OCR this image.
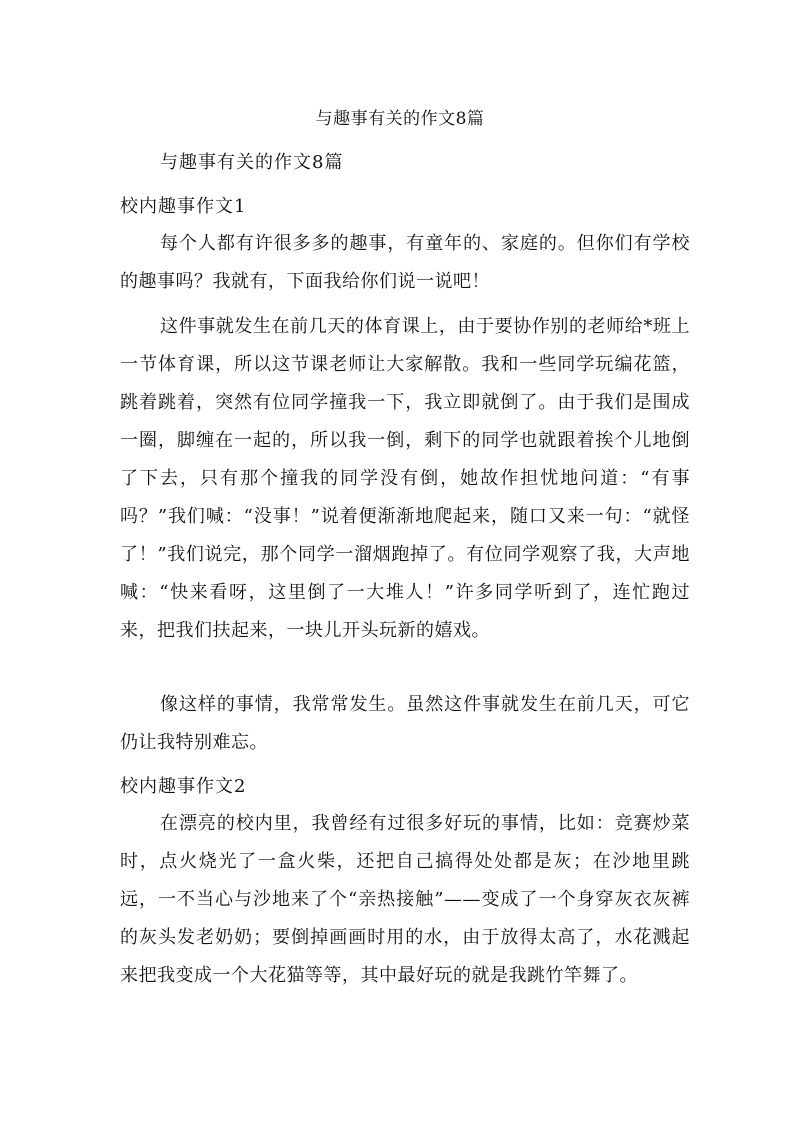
与趣事有关的作文8篇
与趣事有关的作文8篇
校内趣事作文1

每个人都有许很多多的趣事，有童年的、家庭的。但你们有学校的趣事吗？我就有，下面我给你们说一说吧！

这件事就发生在前几天的体育课上，由于要协作别的老师给*班上一节体育课，所以这节课老师让大家解散。我和一些同学玩编花篮，跳着跳着，突然有位同学撞我一下，我立即就倒了。由于我们是围成一圈，脚缠在一起的，所以我一倒，剩下的同学也就跟着挨个儿地倒了下去，只有那个撞我的同学没有倒，她故作担忧地问道：“有事吗？”我们喊：“没事！”说着便渐渐地爬起来，随口又来一句：“就怪了！”我们说完，那个同学一溜烟跑掉了。有位同学观察了我，大声地喊：“快来看呀，这里倒了一大堆人！”许多同学听到了，连忙跑过来，把我们扶起来，一块儿开头玩新的嬉戏。

像这样的事情，我常常发生。虽然这件事就发生在前几天，可它仍让我特别难忘。

校内趣事作文2

在漂亮的校内里，我曾经有过很多好玩的事情，比如：竞赛炒菜时，点火烧光了一盒火柴，还把自己搞得处处都是灰；在沙地里跳远，一不当心与沙地来了个“亲热接触”——变成了一个身穿灰衣灰裤的灰头发老奶奶；要倒掉画画时用的水，由于放得太高了，水花溅起来把我变成一个大花猫等等，其中最好玩的就是我跳竹竿舞了。
